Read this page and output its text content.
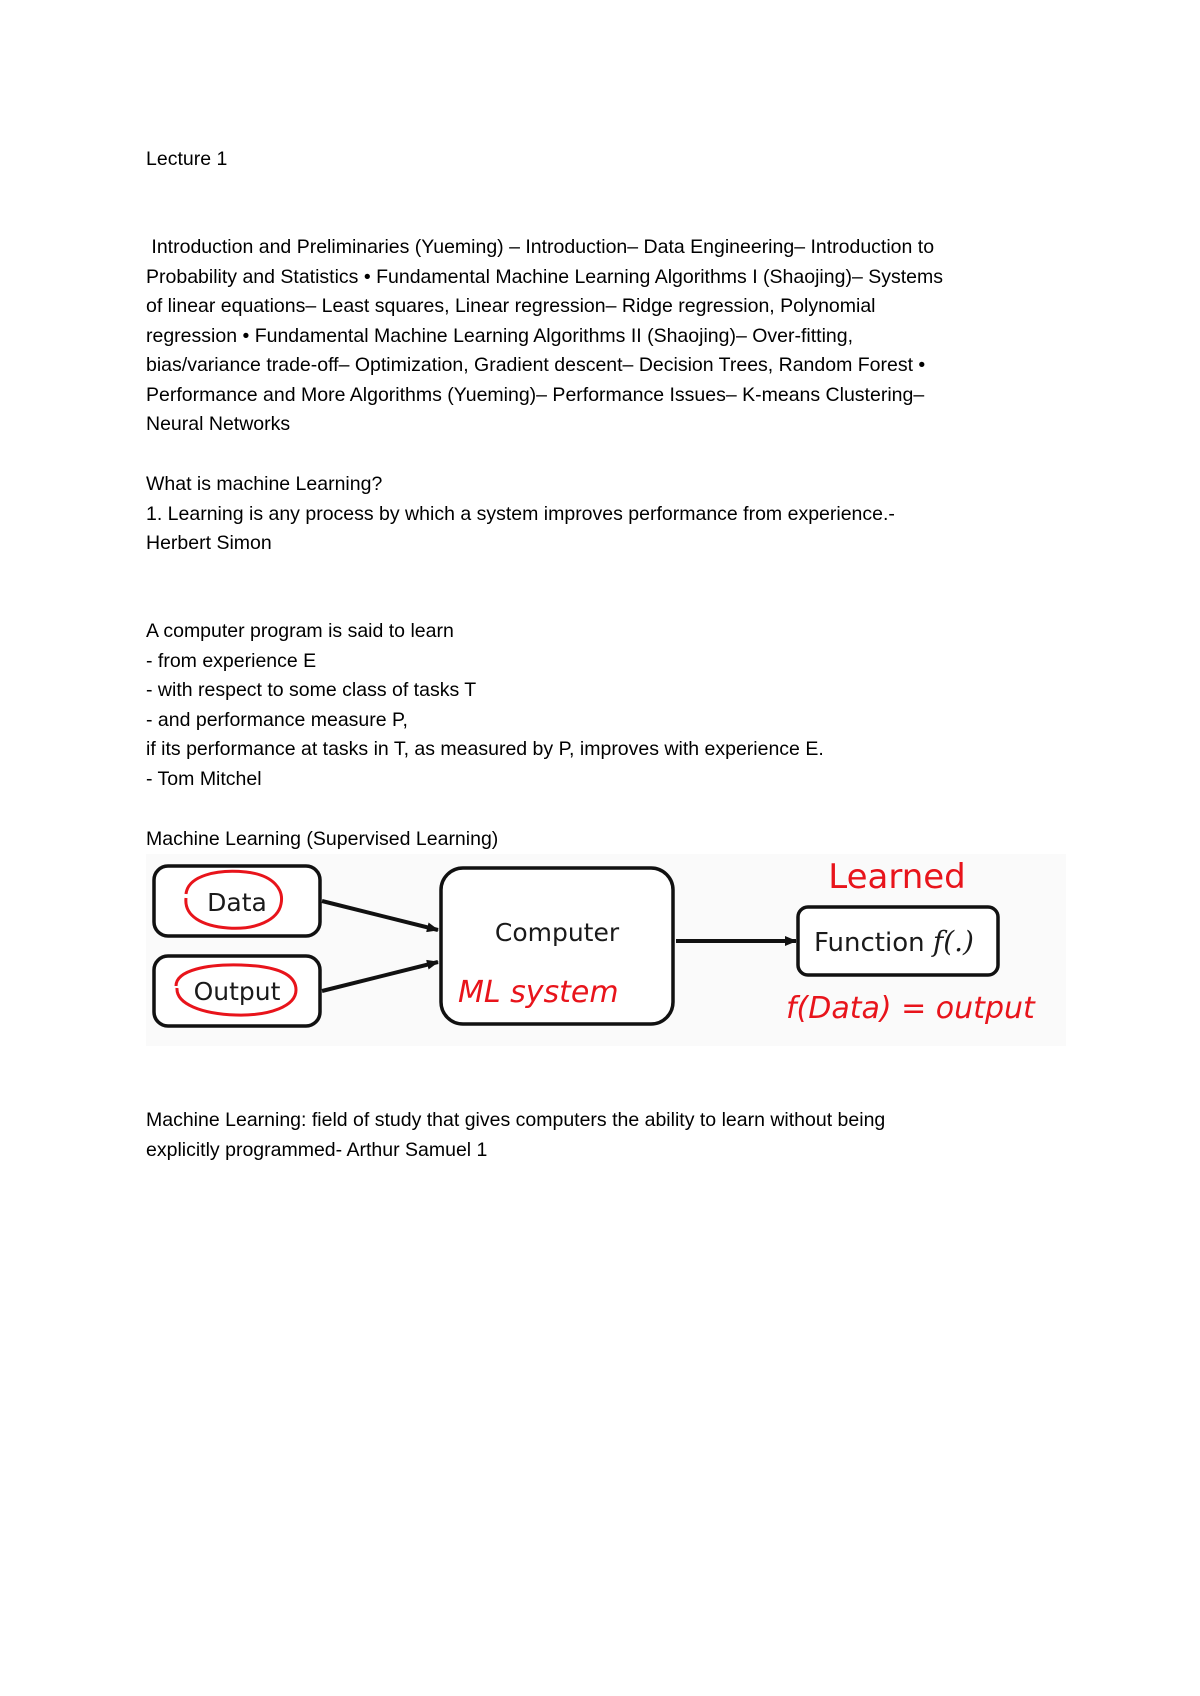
Lecture 1
Introduction and Preliminaries (Yueming) – Introduction– Data Engineering– Introduction to
Probability and Statistics • Fundamental Machine Learning Algorithms I (Shaojing)– Systems
of linear equations– Least squares, Linear regression– Ridge regression, Polynomial
regression • Fundamental Machine Learning Algorithms II (Shaojing)– Over-fitting,
bias/variance trade-off– Optimization, Gradient descent– Decision Trees, Random Forest •
Performance and More Algorithms (Yueming)– Performance Issues– K-means Clustering–
Neural Networks
What is machine Learning?
1. Learning is any process by which a system improves performance from experience.-
Herbert Simon
A computer program is said to learn
- from experience E
- with respect to some class of tasks T
- and performance measure P,
if its performance at tasks in T, as measured by P, improves with experience E.
- Tom Mitchel
Machine Learning (Supervised Learning)
Data
Output
Computer
ML system
Learned
Function f(.)
f(Data) = output
Machine Learning: field of study that gives computers the ability to learn without being
explicitly programmed- Arthur Samuel 1
